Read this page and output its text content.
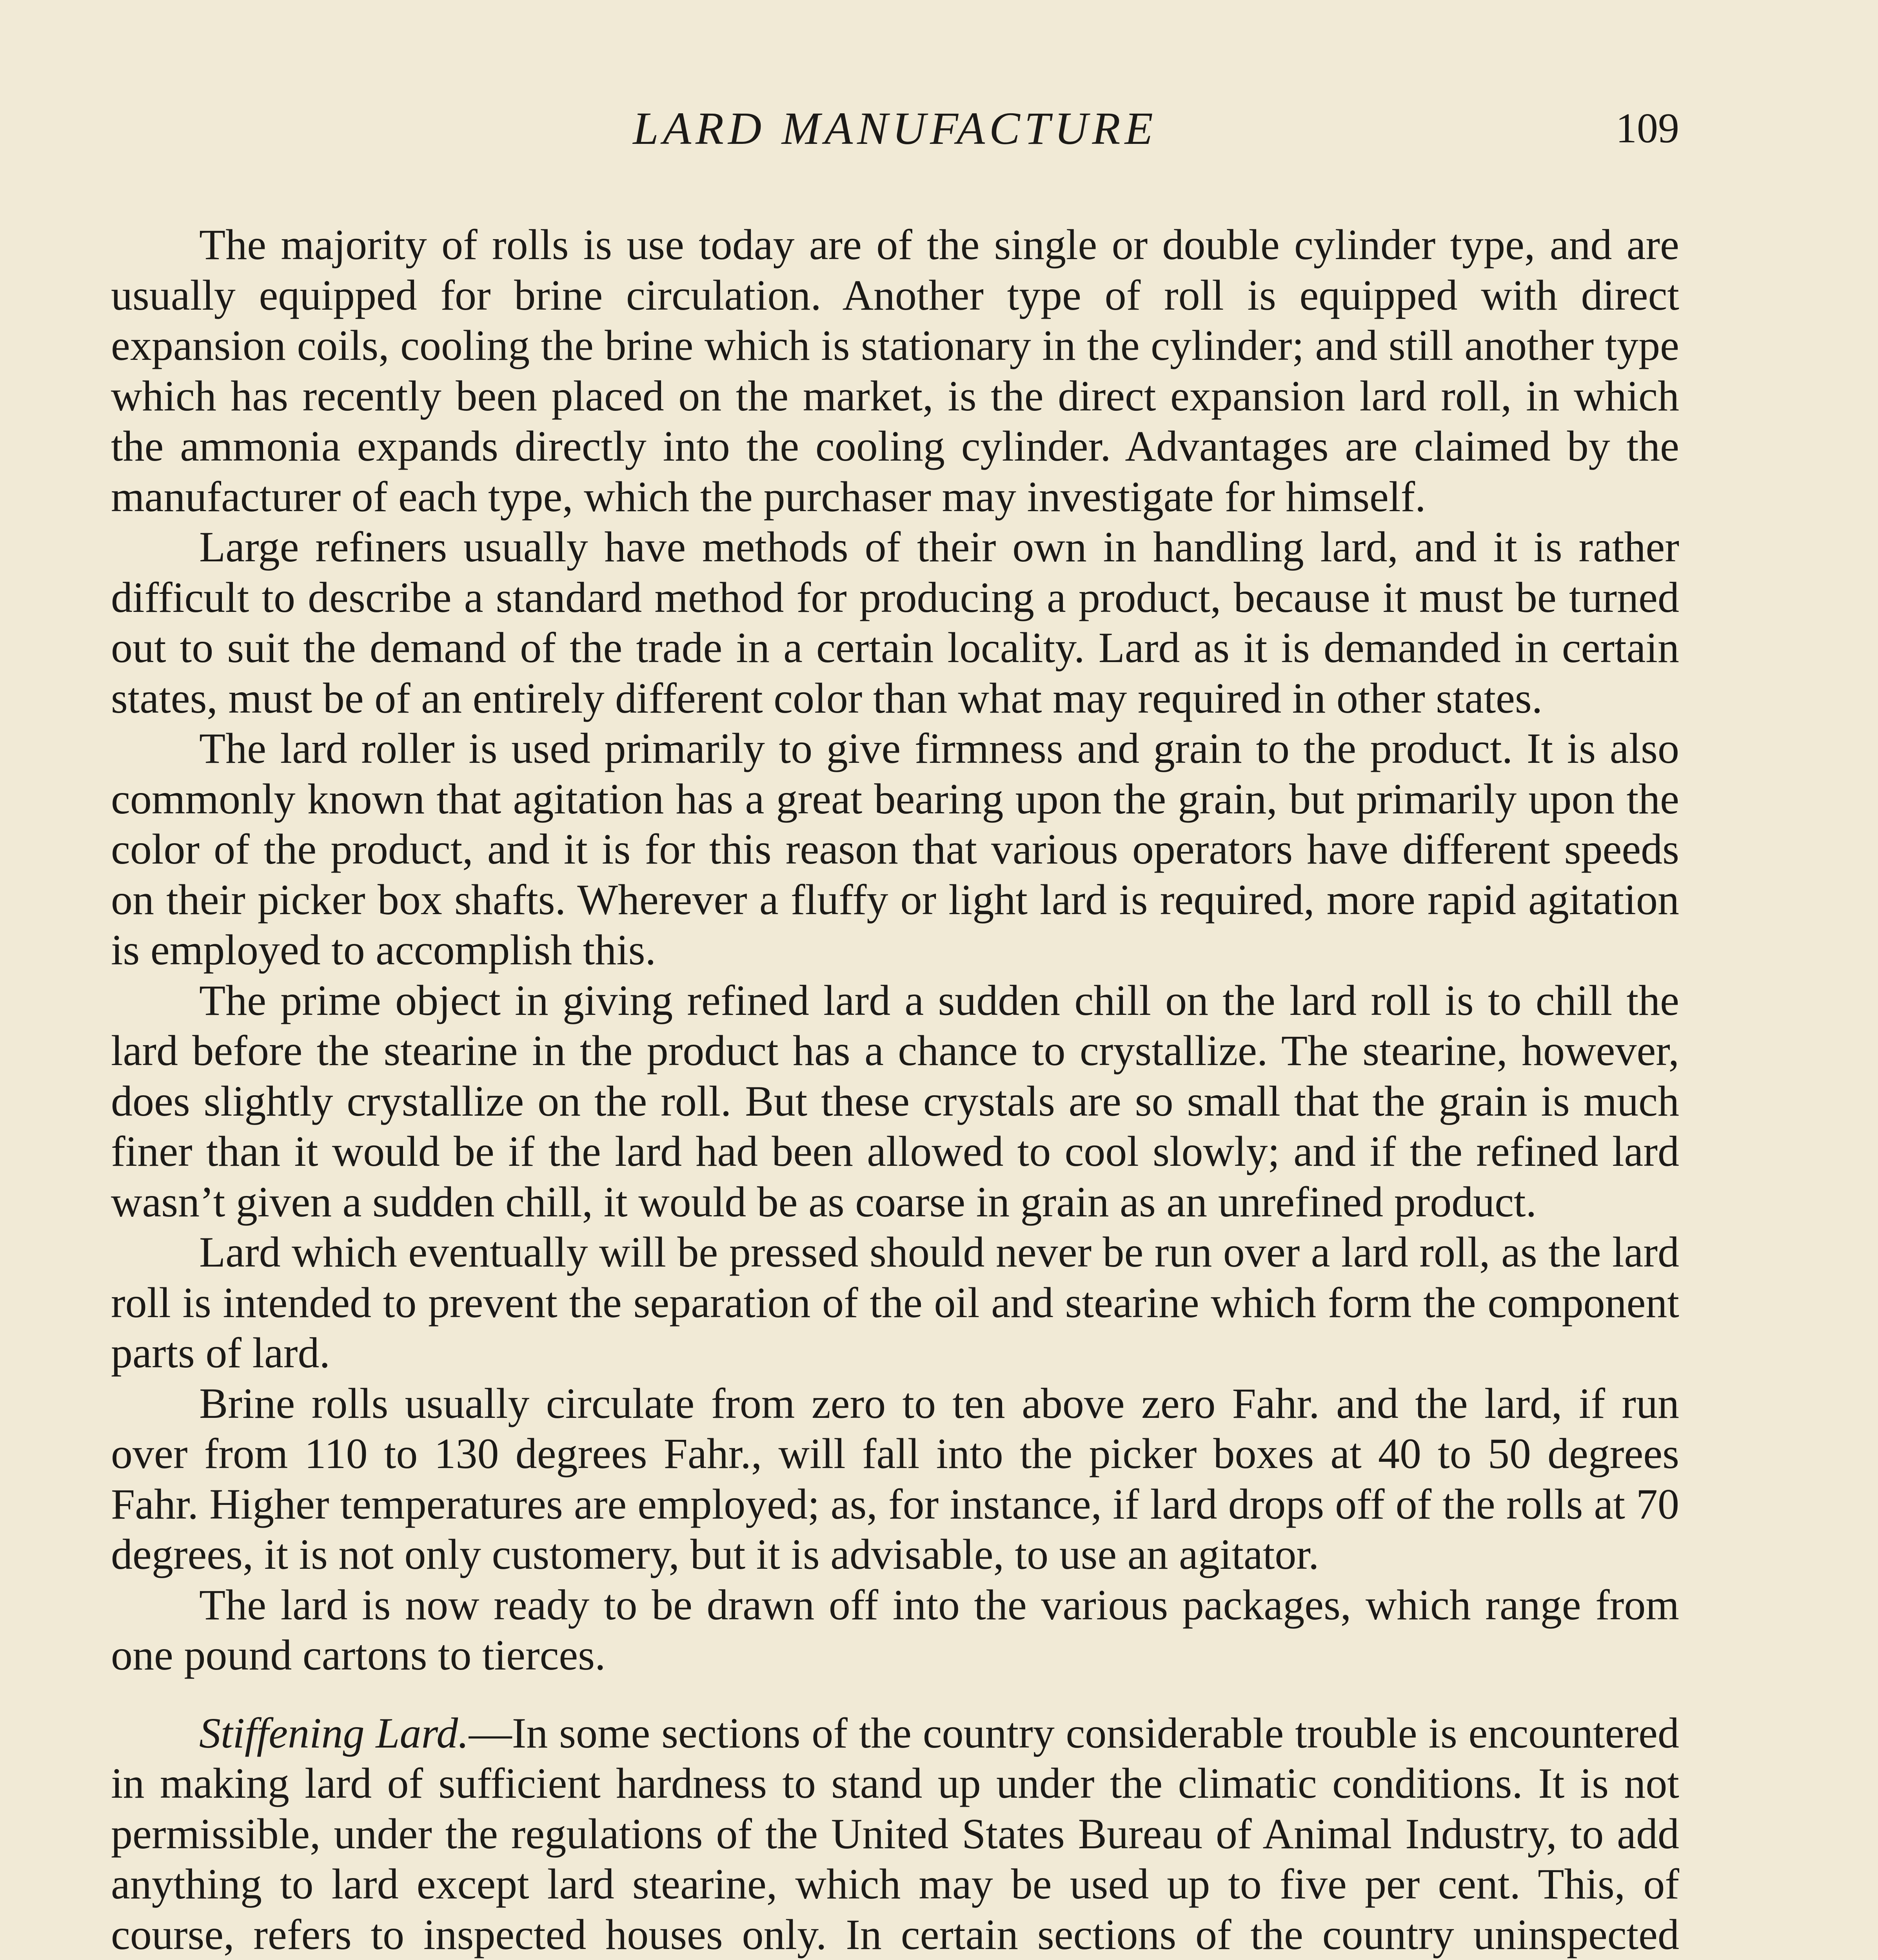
LARD MANUFACTURE	109

The majority of rolls is use today are of the single or double cylinder type, and are usually equipped for brine circulation. Another type of roll is equipped with direct expansion coils, cooling the brine which is stationary in the cylinder; and still another type which has recently been placed on the market, is the direct expansion lard roll, in which the ammonia expands directly into the cooling cylinder. Advantages are claimed by the manufacturer of each type, which the purchaser may investigate for himself.

Large refiners usually have methods of their own in handling lard, and it is rather difficult to describe a standard method for producing a product, because it must be turned out to suit the demand of the trade in a certain locality. Lard as it is demanded in certain states, must be of an entirely different color than what may required in other states.

The lard roller is used primarily to give firmness and grain to the product. It is also commonly known that agitation has a great bearing upon the grain, but primarily upon the color of the product, and it is for this reason that various operators have different speeds on their picker box shafts. Wherever a fluffy or light lard is required, more rapid agitation is employed to accomplish this.

The prime object in giving refined lard a sudden chill on the lard roll is to chill the lard before the stearine in the product has a chance to crystallize. The stearine, however, does slightly crystallize on the roll. But these crystals are so small that the grain is much finer than it would be if the lard had been allowed to cool slowly; and if the refined lard wasn’t given a sudden chill, it would be as coarse in grain as an unrefined product.

Lard which eventually will be pressed should never be run over a lard roll, as the lard roll is intended to prevent the separation of the oil and stearine which form the component parts of lard.

Brine rolls usually circulate from zero to ten above zero Fahr. and the lard, if run over from 110 to 130 degrees Fahr., will fall into the picker boxes at 40 to 50 degrees Fahr. Higher temperatures are employed; as, for instance, if lard drops off of the rolls at 70 degrees, it is not only customery, but it is advisable, to use an agitator.

The lard is now ready to be drawn off into the various packages, which range from one pound cartons to tierces.

Stiffening Lard.—In some sections of the country considerable trouble is encountered in making lard of sufficient hardness to stand up under the climatic conditions. It is not permissible, under the regulations of the United States Bureau of Animal Industry, to add anything to lard except lard stearine, which may be used up to five per cent. This, of course, refers to inspected houses only. In certain sections of the country uninspected
